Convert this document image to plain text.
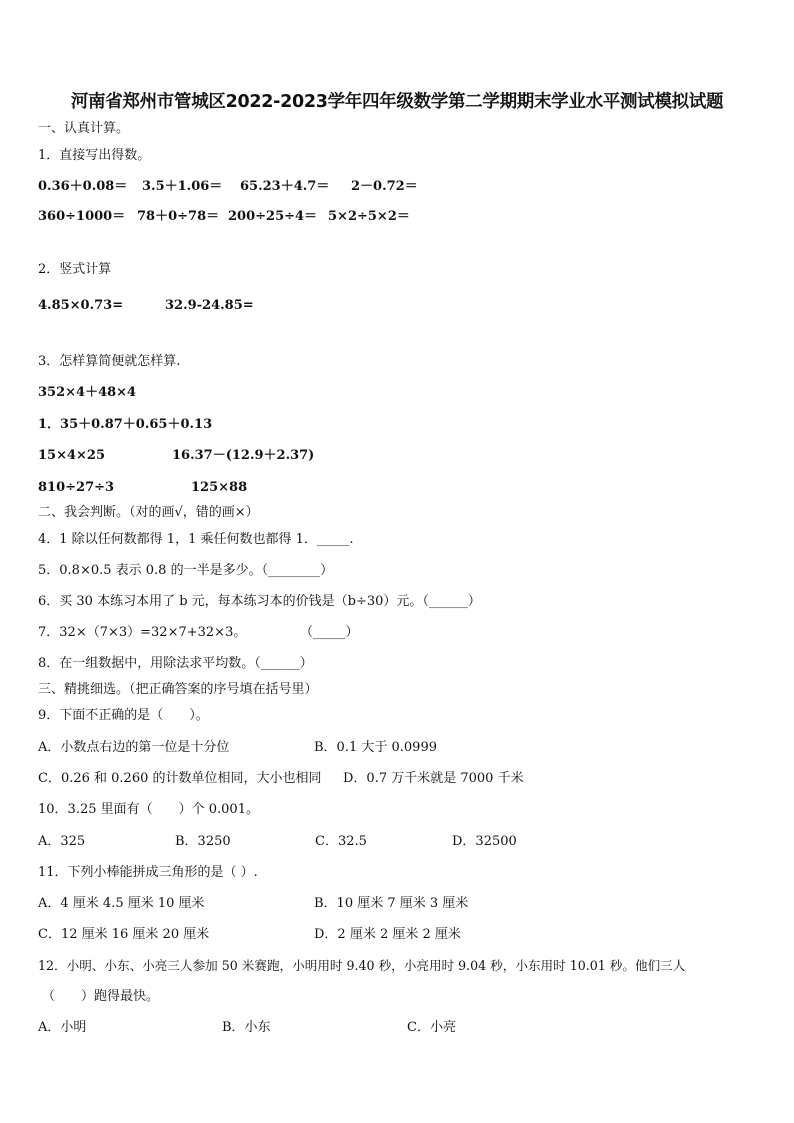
河南省郑州市管城区2022-2023学年四年级数学第二学期期末学业水平测试模拟试题
一、认真计算。
1．直接写出得数。
0.36＋0.08＝ 3.5＋1.06＝ 65.23＋4.7＝ 2－0.72＝
360÷1000＝ 78＋0÷78＝ 200÷25÷4＝ 5×2÷5×2＝
2．竖式计算
4.85×0.73=	32.9-24.85=
3．怎样算简便就怎样算.
352×4＋48×4
1．35＋0.87＋0.65＋0.13
15×4×25	16.37－(12.9＋2.37)
810÷27÷3	125×88
二、我会判断。（对的画√，错的画×）
4．1 除以任何数都得 1，1 乘任何数也都得 1．_____.
5．0.8×0.5 表示 0.8 的一半是多少。（________）
6．买 30 本练习本用了 b 元，每本练习本的价钱是（b÷30）元。（______）
7．32×（7×3）=32×7+32×3。	（_____）
8．在一组数据中，用除法求平均数。（______）
三、精挑细选。（把正确答案的序号填在括号里）
9．下面不正确的是（　　）。
A．小数点右边的第一位是十分位	B．0.1 大于 0.0999
C．0.26 和 0.260 的计数单位相同，大小也相同 D．0.7 万千米就是 7000 千米
10．3.25 里面有（　　）个 0.001。
A．325	B．3250	C．32.5	D．32500
11．下列小棒能拼成三角形的是（ ）.
A．4 厘米 4.5 厘米 10 厘米	B．10 厘米 7 厘米 3 厘米
C．12 厘米 16 厘米 20 厘米	D．2 厘米 2 厘米 2 厘米
12．小明、小东、小亮三人参加 50 米赛跑，小明用时 9.40 秒，小亮用时 9.04 秒，小东用时 10.01 秒。他们三人
（　　）跑得最快。
A．小明	B．小东	C．小亮
